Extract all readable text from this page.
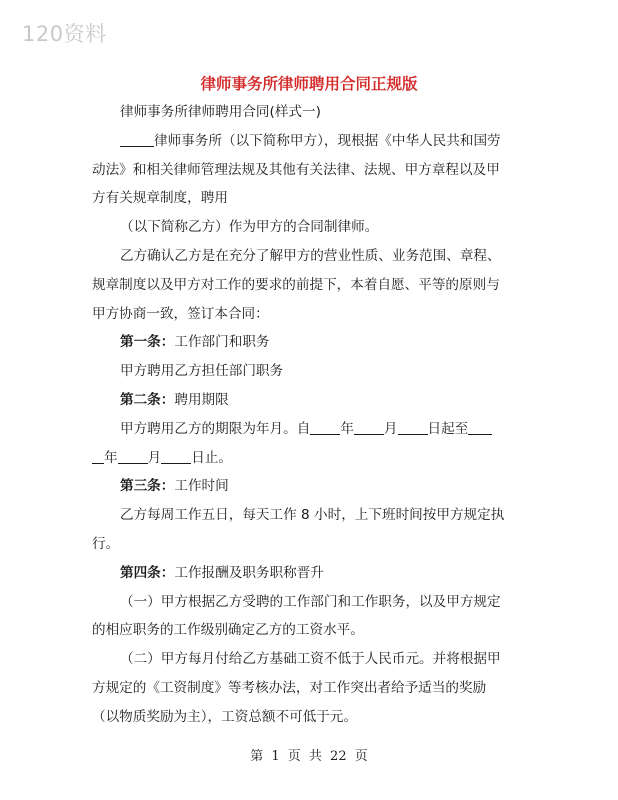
120资料
律师事务所律师聘用合同正规版

律师事务所律师聘用合同(样式一)

律师事务所（以下简称甲方），现根据《中华人民共和国劳

动法》和相关律师管理法规及其他有关法律、法规、甲方章程以及甲

方有关规章制度，聘用

（以下简称乙方）作为甲方的合同制律师。

乙方确认乙方是在充分了解甲方的营业性质、业务范围、章程、

规章制度以及甲方对工作的要求的前提下，本着自愿、平等的原则与

甲方协商一致，签订本合同：

第一条：工作部门和职务

甲方聘用乙方担任部门职务

第二条：聘用期限

甲方聘用乙方的期限为年月。自 年 月 日起至

年 月 日止。

第三条：工作时间

乙方每周工作五日，每天工作 8 小时，上下班时间按甲方规定执

行。

第四条：工作报酬及职务职称晋升

（一）甲方根据乙方受聘的工作部门和工作职务，以及甲方规定

的相应职务的工作级别确定乙方的工资水平。

（二）甲方每月付给乙方基础工资不低于人民币元。并将根据甲

方规定的《工资制度》等考核办法，对工作突出者给予适当的奖励

（以物质奖励为主），工资总额不可低于元。

第 1 页 共 22 页
